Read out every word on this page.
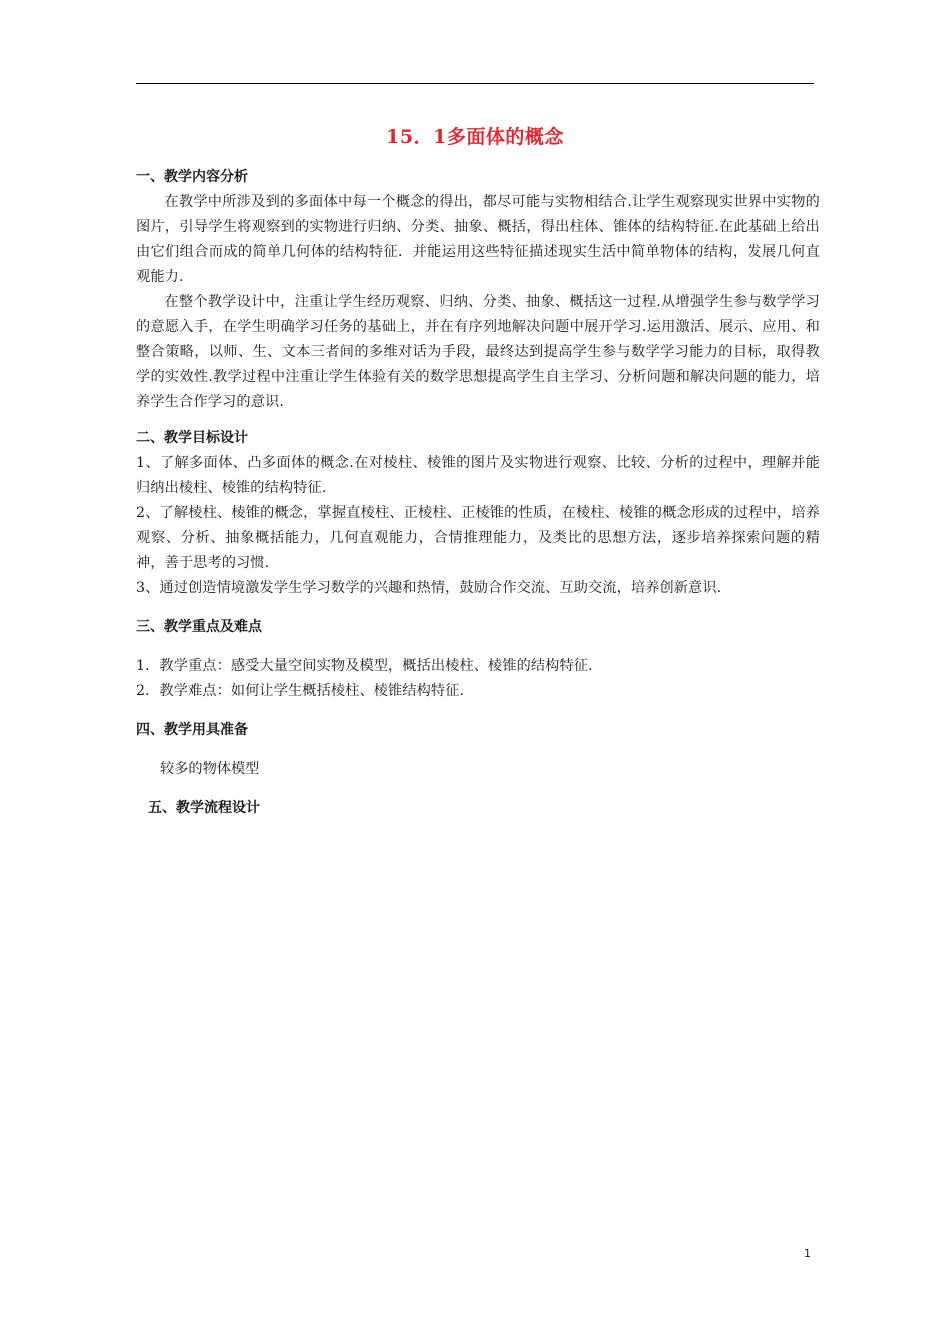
15．1多面体的概念
一、教学内容分析

在教学中所涉及到的多面体中每一个概念的得出，都尽可能与实物相结合.让学生观察现实世界中实物的图片，引导学生将观察到的实物进行归纳、分类、抽象、概括，得出柱体、锥体的结构特征.在此基础上给出由它们组合而成的简单几何体的结构特征．并能运用这些特征描述现实生活中简单物体的结构，发展几何直观能力.

在整个教学设计中，注重让学生经历观察、归纳、分类、抽象、概括这一过程.从增强学生参与数学学习的意愿入手，在学生明确学习任务的基础上，并在有序列地解决问题中展开学习.运用激活、展示、应用、和整合策略，以师、生、文本三者间的多维对话为手段，最终达到提高学生参与数学学习能力的目标，取得教学的实效性.教学过程中注重让学生体验有关的数学思想提高学生自主学习、分析问题和解决问题的能力，培养学生合作学习的意识.

二、教学目标设计

1、了解多面体、凸多面体的概念.在对棱柱、棱锥的图片及实物进行观察、比较、分析的过程中，理解并能归纳出棱柱、棱锥的结构特征.

2、了解棱柱、棱锥的概念，掌握直棱柱、正棱柱、正棱锥的性质，在棱柱、棱锥的概念形成的过程中，培养观察、分析、抽象概括能力，几何直观能力，合情推理能力，及类比的思想方法，逐步培养探索问题的精神，善于思考的习惯.

3、通过创造情境激发学生学习数学的兴趣和热情，鼓励合作交流、互助交流，培养创新意识.

三、教学重点及难点

1．教学重点：感受大量空间实物及模型，概括出棱柱、棱锥的结构特征.

2．教学难点：如何让学生概括棱柱、棱锥结构特征.

四、教学用具准备

较多的物体模型

五、教学流程设计
1
